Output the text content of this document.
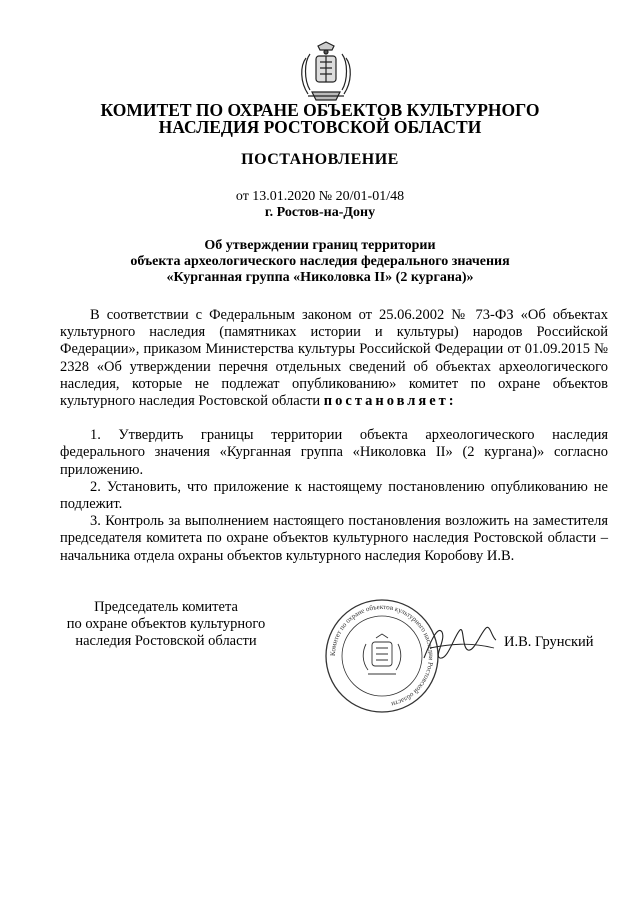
КОМИТЕТ ПО ОХРАНЕ ОБЪЕКТОВ КУЛЬТУРНОГО
НАСЛЕДИЯ РОСТОВСКОЙ ОБЛАСТИ
ПОСТАНОВЛЕНИЕ
от 13.01.2020 № 20/01-01/48
г. Ростов-на-Дону
Об утверждении границ территории
объекта археологического наследия федерального значения
«Курганная группа «Николовка II» (2 кургана)»

В соответствии с Федеральным законом от 25.06.2002 № 73-ФЗ «Об объектах культурного наследия (памятниках истории и культуры) народов Российской Федерации», приказом Министерства культуры Российской Федерации от 01.09.2015 № 2328 «Об утверждении перечня отдельных сведений об объектах археологического наследия, которые не подлежат опубликованию» комитет по охране объектов культурного наследия Ростовской области постановляет:

1. Утвердить границы территории объекта археологического наследия федерального значения «Курганная группа «Николовка II» (2 кургана)» согласно приложению.

2. Установить, что приложение к настоящему постановлению опубликованию не подлежит.

3. Контроль за выполнением настоящего постановления возложить на заместителя председателя комитета по охране объектов культурного наследия Ростовской области – начальника отдела охраны объектов культурного наследия Коробову И.В.

Председатель комитета
по охране объектов культурного
наследия Ростовской области
Комитет по охране объектов культурного наследия Ростовской области
И.В. Грунский
